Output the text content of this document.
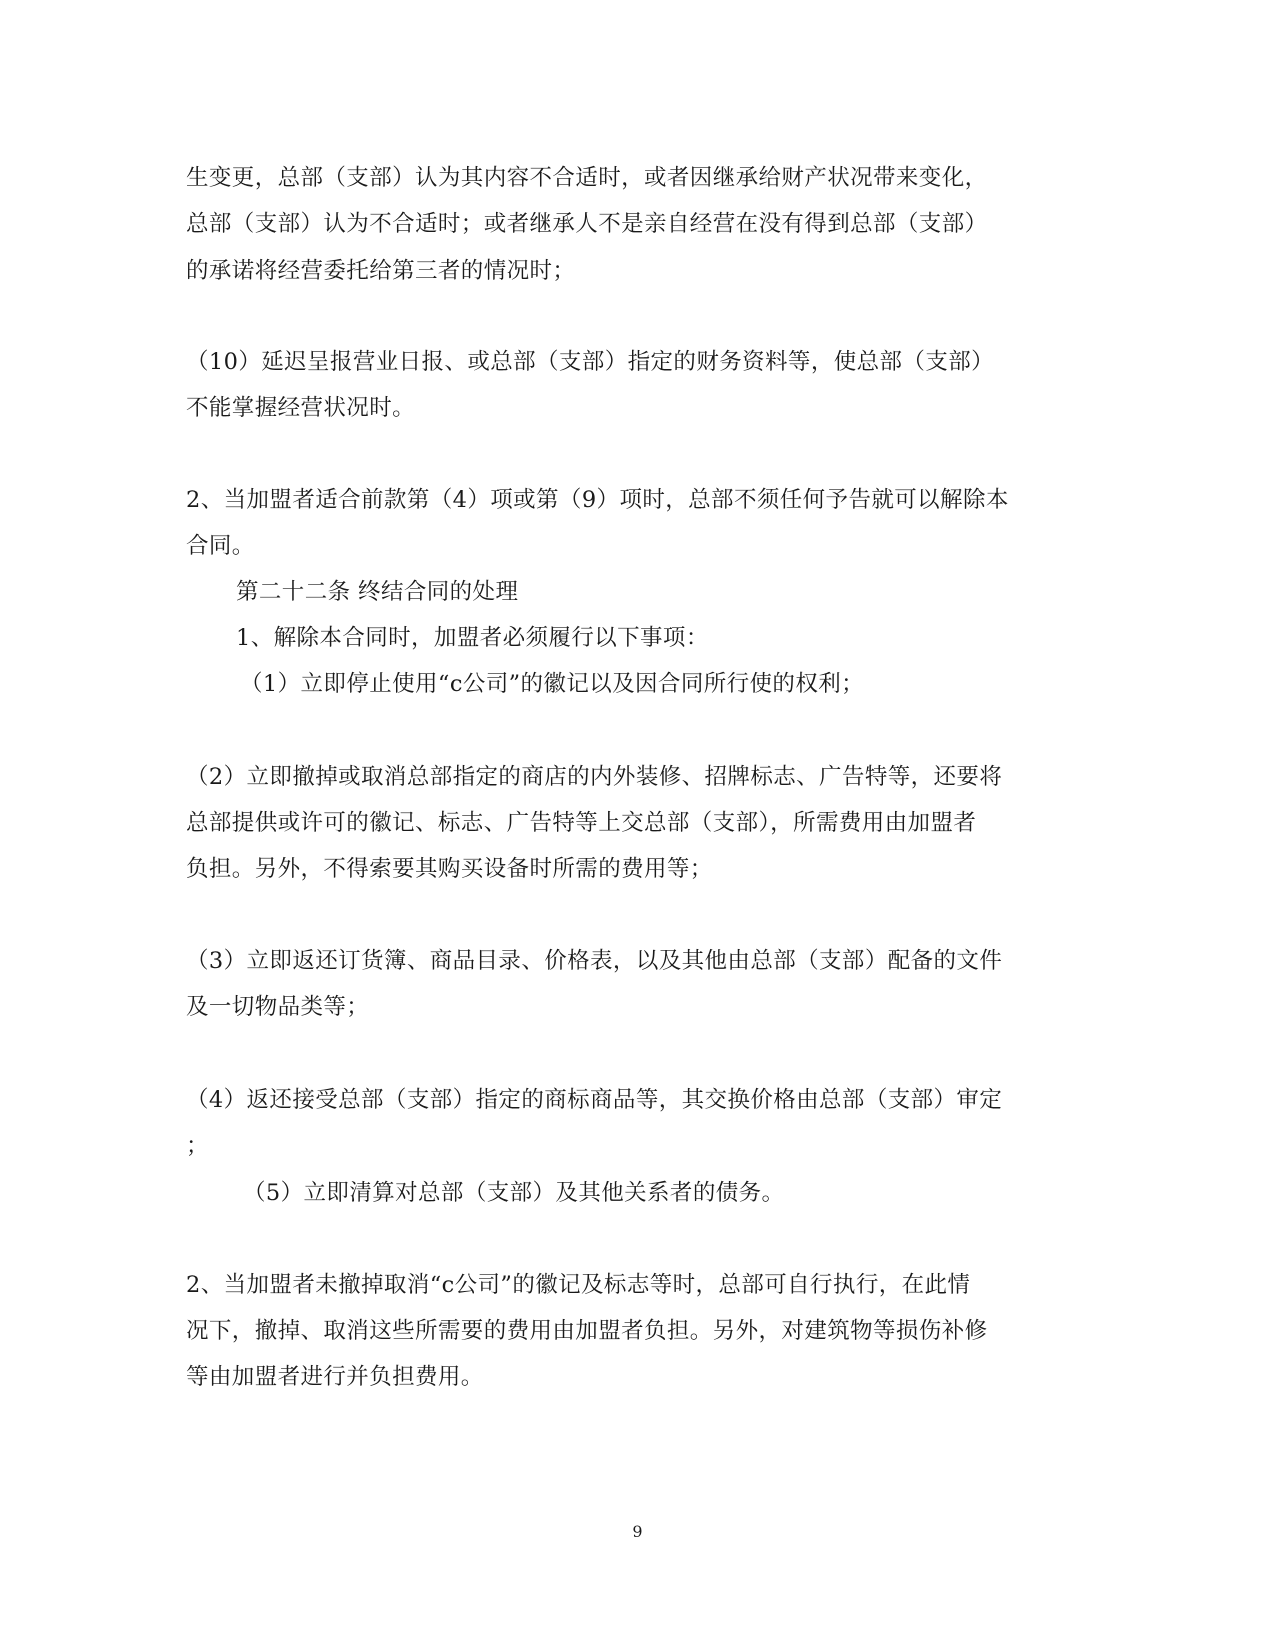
生变更，总部（支部）认为其内容不合适时，或者因继承给财产状况带来变化，
总部（支部）认为不合适时；或者继承人不是亲自经营在没有得到总部（支部）
的承诺将经营委托给第三者的情况时；
（10）延迟呈报营业日报、或总部（支部）指定的财务资料等，使总部（支部）
不能掌握经营状况时。
2、当加盟者适合前款第（4）项或第（9）项时，总部不须任何予告就可以解除本
合同。
第二十二条 终结合同的处理
1、解除本合同时，加盟者必须履行以下事项：
（1）立即停止使用“c公司”的徽记以及因合同所行使的权利；
（2）立即撤掉或取消总部指定的商店的内外装修、招牌标志、广告特等，还要将
总部提供或许可的徽记、标志、广告特等上交总部（支部），所需费用由加盟者
负担。另外，不得索要其购买设备时所需的费用等；
（3）立即返还订货簿、商品目录、价格表，以及其他由总部（支部）配备的文件
及一切物品类等；
（4）返还接受总部（支部）指定的商标商品等，其交换价格由总部（支部）审定
；
（5）立即清算对总部（支部）及其他关系者的债务。
2、当加盟者未撤掉取消“c公司”的徽记及标志等时，总部可自行执行，在此情
况下，撤掉、取消这些所需要的费用由加盟者负担。另外，对建筑物等损伤补修
等由加盟者进行并负担费用。
9
